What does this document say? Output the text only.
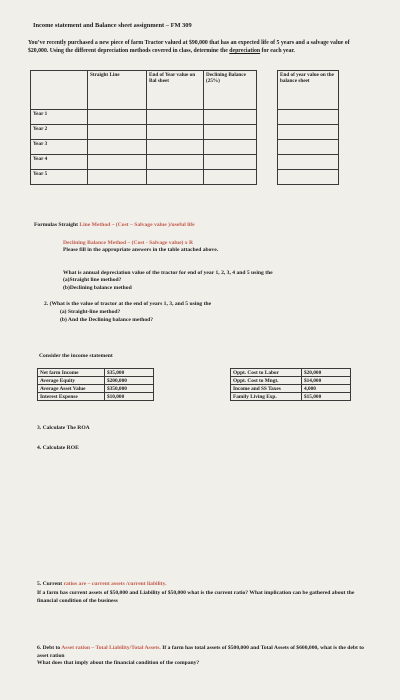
Income statement and Balance sheet assignment – FM 309
You’ve recently purchased a new piece of farm Tractor valued at $90,000 that has an expected life of 5 years and a salvage value of $20,000. Using the different depreciation methods covered in class, determine the depreciation for each year.
	Straight Line	End of Year value on Bal sheet	Declining Balance (25%)		End of year value on the balance sheet
Year 1					
Year 2					
Year 3					
Year 4					
Year 5					
Formulas Straight Line Method – (Cost – Salvage value )/useful life
Declining Balance Method – (Cost - Salvage value) x R
Please fill in the appropriate answers in the table attached above.
What is annual depreciation value of the tractor for end of year 1, 2, 3, 4 and 5 using the
(a)Straight line method?
(b)Declining balance method
2. (What is the value of tractor at the end of years 1, 3, and 5 using the
(a) Straight-line method?
(b) And the Declining balance method?
Consider the income statement
Net farm Income	$35,000
Average Equity	$200,000
Average Asset Value	$350,000
Interest Expense	$10,000
Oppt. Cost to Labor	$20,000
Oppt. Cost to Mngt.	$14,000
Income and SS Taxes	4,000
Family Living Exp.	$15,000
3. Calculate The ROA
4. Calculate ROE
5. Current ratios are – current assets /current liability.
If a farm has current assets of $50,000 and Liability of $50,000 what is the current ratio? What implication can be gathered about the financial condition of the business
6. Debt to Asset ration – Total Liability/Total Assets. If a farm has total assets of $500,000 and Total Assets of $600,000, what is the debt to asset ration
What does that imply about the financial condition of the company?
